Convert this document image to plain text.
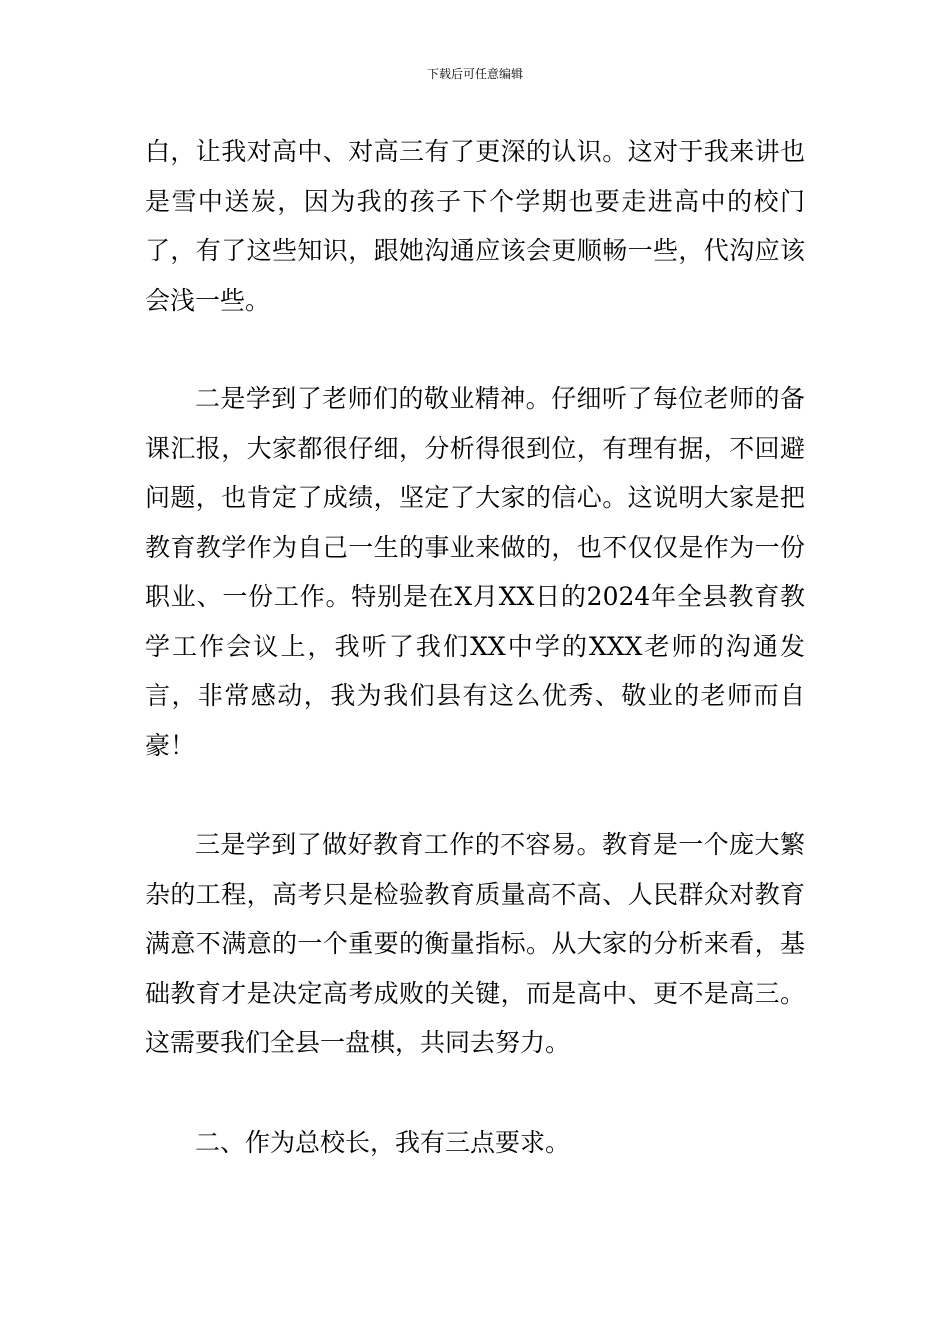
下载后可任意编辑

白，让我对高中、对高三有了更深的认识。这对于我来讲也是雪中送炭，因为我的孩子下个学期也要走进高中的校门了，有了这些知识，跟她沟通应该会更顺畅一些，代沟应该会浅一些。

二是学到了老师们的敬业精神。仔细听了每位老师的备课汇报，大家都很仔细，分析得很到位，有理有据，不回避问题，也肯定了成绩，坚定了大家的信心。这说明大家是把教育教学作为自己一生的事业来做的，也不仅仅是作为一份职业、一份工作。特别是在X月XX日的2024年全县教育教学工作会议上，我听了我们XX中学的XXX老师的沟通发言，非常感动，我为我们县有这么优秀、敬业的老师而自豪！

三是学到了做好教育工作的不容易。教育是一个庞大繁杂的工程，高考只是检验教育质量高不高、人民群众对教育满意不满意的一个重要的衡量指标。从大家的分析来看，基础教育才是决定高考成败的关键，而是高中、更不是高三。这需要我们全县一盘棋，共同去努力。

二、作为总校长，我有三点要求。
